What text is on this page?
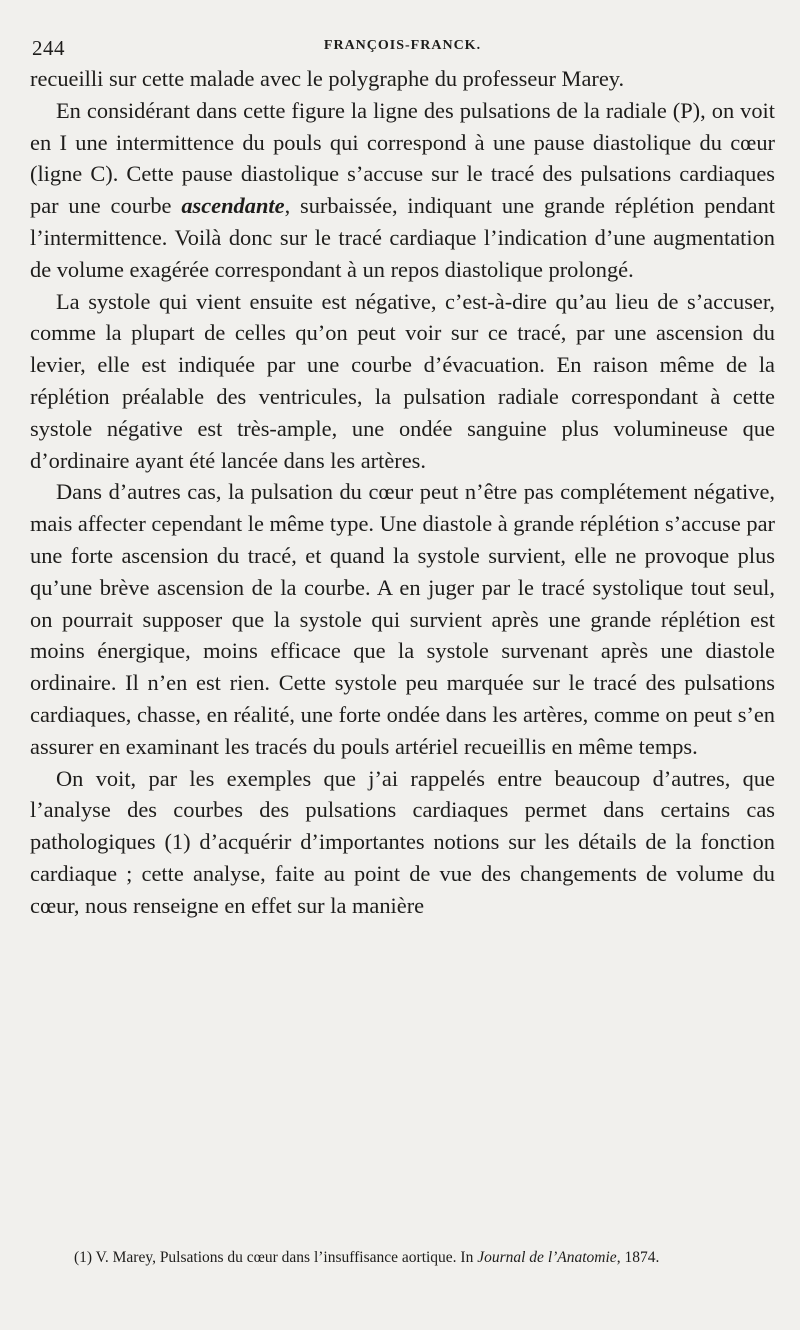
244	FRANÇOIS-FRANCK.

recueilli sur cette malade avec le polygraphe du professeur Marey.

En considérant dans cette figure la ligne des pulsations de la radiale (P), on voit en I une intermittence du pouls qui correspond à une pause diastolique du cœur (ligne C). Cette pause diastolique s’accuse sur le tracé des pulsations cardiaques par une courbe ascendante, surbaissée, indiquant une grande réplétion pendant l’intermittence. Voilà donc sur le tracé cardiaque l’indication d’une augmentation de volume exagérée correspondant à un repos diastolique prolongé.

La systole qui vient ensuite est négative, c’est-à-dire qu’au lieu de s’accuser, comme la plupart de celles qu’on peut voir sur ce tracé, par une ascension du levier, elle est indiquée par une courbe d’évacuation. En raison même de la réplétion préalable des ventricules, la pulsation radiale correspondant à cette systole négative est très-ample, une ondée sanguine plus volumineuse que d’ordinaire ayant été lancée dans les artères.

Dans d’autres cas, la pulsation du cœur peut n’être pas complétement négative, mais affecter cependant le même type. Une diastole à grande réplétion s’accuse par une forte ascension du tracé, et quand la systole survient, elle ne provoque plus qu’une brève ascension de la courbe. A en juger par le tracé systolique tout seul, on pourrait supposer que la systole qui survient après une grande réplétion est moins énergique, moins efficace que la systole survenant après une diastole ordinaire. Il n’en est rien. Cette systole peu marquée sur le tracé des pulsations cardiaques, chasse, en réalité, une forte ondée dans les artères, comme on peut s’en assurer en examinant les tracés du pouls artériel recueillis en même temps.

On voit, par les exemples que j’ai rappelés entre beaucoup d’autres, que l’analyse des courbes des pulsations cardiaques permet dans certains cas pathologiques (1) d’acquérir d’importantes notions sur les détails de la fonction cardiaque ; cette analyse, faite au point de vue des changements de volume du cœur, nous renseigne en effet sur la manière

(1) V. Marey, Pulsations du cœur dans l’insuffisance aortique. In Journal de l’Anatomie, 1874.
